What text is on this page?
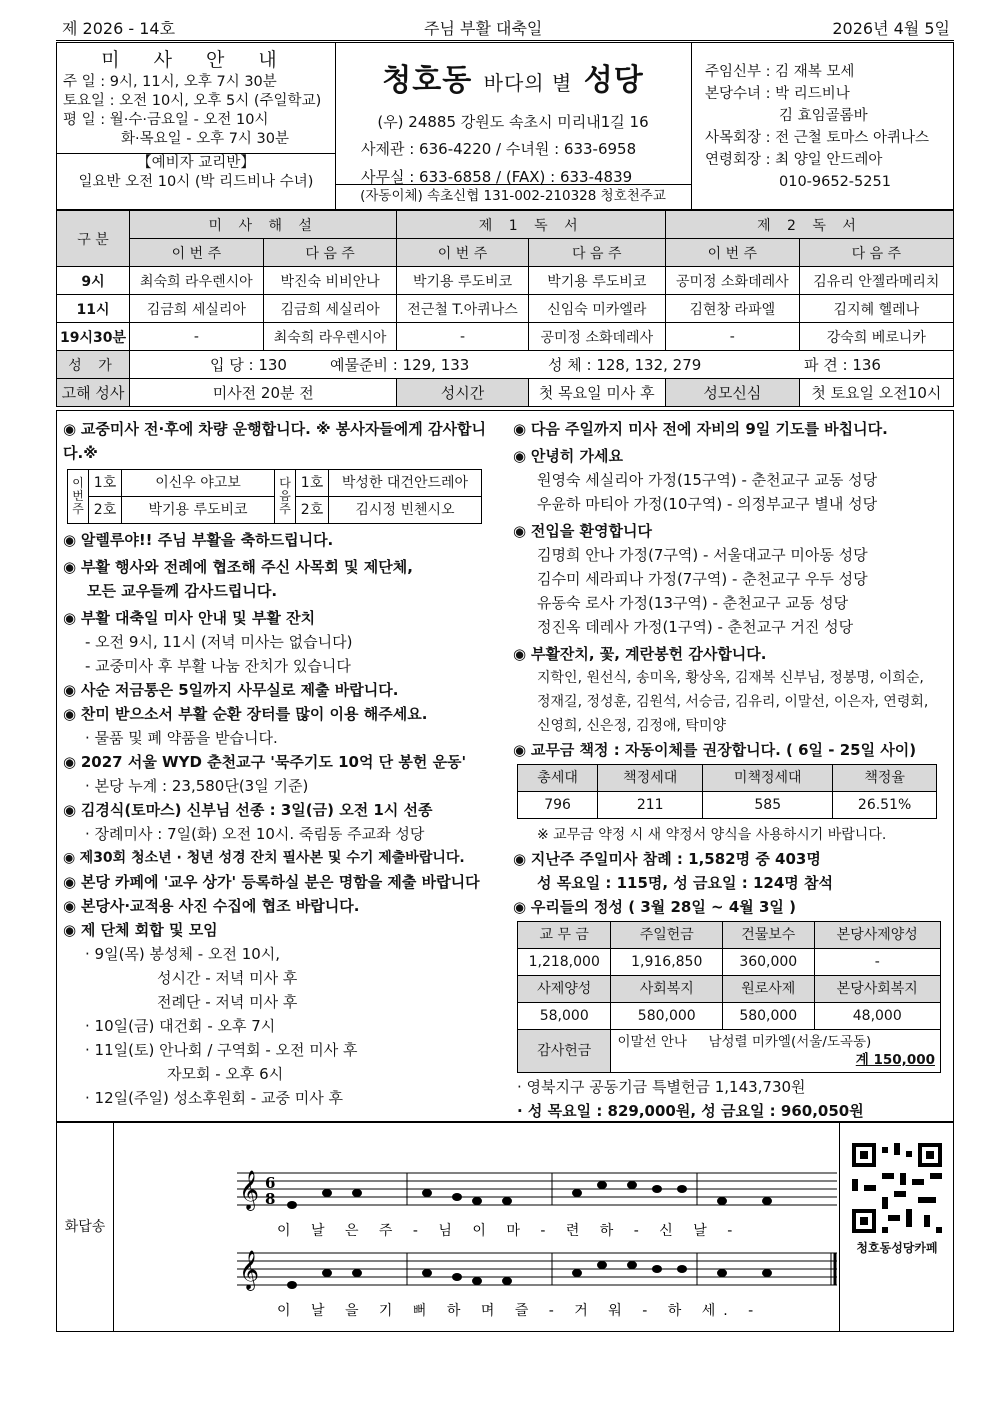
제 2026 - 14호	주님 부활 대축일	2026년 4월 5일
미 사 안 내
주 일 : 9시, 11시, 오후 7시 30분
토요일 : 오전 10시, 오후 5시 (주일학교)
평 일 : 월·수·금요일 - 오전 10시
화·목요일 - 오후 7시 30분
【예비자 교리반】
일요반 오전 10시 (박 리드비나 수녀)
청호동 바다의 별 성당
(우) 24885 강원도 속초시 미리내1길 16
사제관 : 636-4220 / 수녀원 : 633-6958
사무실 : 633-6858 / (FAX) : 633-4839
(자동이체) 속초신협 131-002-210328 청호천주교
주임신부 : 김 재복 모세
본당수녀 : 박 리드비나
김 효임골롬바
사목회장 : 전 근철 토마스 아퀴나스
연령회장 : 최 양일 안드레아
010-9652-5251
구 분	미 사 해 설		제 1 독 서		제 2 독 서	
	이 번 주	다 음 주	이 번 주	다 음 주	이 번 주	다 음 주
9시	최숙희 라우렌시아	박진숙 비비안나	박기용 루도비코	박기용 루도비코	공미정 소화데레사	김유리 안젤라메리치
11시	김금희 세실리아	김금희 세실리아	전근철 T.아퀴나스	신임숙 미카엘라	김현창 라파엘	김지혜 헬레나
19시30분	-	최숙희 라우렌시아	-	공미정 소화데레사	-	강숙희 베로니카
성 가	입 당 : 130 예물준비 : 129, 133 성 체 : 128, 132, 279 파 견 : 136					
고해 성사	미사전 20분 전		성시간	첫 목요일 미사 후	성모신심	첫 토요일 오전10시
◉ 교중미사 전·후에 차량 운행합니다. ※ 봉사자들에게 감사합니다.※
이번주	1호	이신우 야고보	다음주	1호	박성한 대건안드레아
	2호	박기용 루도비코		2호	김시정 빈첸시오
◉ 알렐루야!! 주님 부활을 축하드립니다.
◉ 부활 행사와 전례에 협조해 주신 사목회 및 제단체,
모든 교우들께 감사드립니다.
◉ 부활 대축일 미사 안내 및 부활 잔치
- 오전 9시, 11시 (저녁 미사는 없습니다)
- 교중미사 후 부활 나눔 잔치가 있습니다
◉ 사순 저금통은 5일까지 사무실로 제출 바랍니다.
◉ 찬미 받으소서 부활 순환 장터를 많이 이용 해주세요.
· 물품 및 폐 약품을 받습니다.
◉ 2027 서울 WYD 춘천교구 '묵주기도 10억 단 봉헌 운동'
· 본당 누계 : 23,580단(3일 기준)
◉ 김경식(토마스) 신부님 선종 : 3일(금) 오전 1시 선종
· 장례미사 : 7일(화) 오전 10시. 죽림동 주교좌 성당
◉ 제30회 청소년 · 청년 성경 잔치 필사본 및 수기 제출바랍니다.
◉ 본당 카페에 '교우 상가' 등록하실 분은 명함을 제출 바랍니다
◉ 본당사·교적용 사진 수집에 협조 바랍니다.
◉ 제 단체 회합 및 모임
· 9일(목) 봉성체 - 오전 10시,
성시간 - 저녁 미사 후
전례단 - 저녁 미사 후
· 10일(금) 대건회 - 오후 7시
· 11일(토) 안나회 / 구역회 - 오전 미사 후
자모회 - 오후 6시
· 12일(주일) 성소후원회 - 교중 미사 후
◉ 다음 주일까지 미사 전에 자비의 9일 기도를 바칩니다.
◉ 안녕히 가세요
원영숙 세실리아 가정(15구역) - 춘천교구 교동 성당
우윤하 마티아 가정(10구역) - 의정부교구 별내 성당
◉ 전입을 환영합니다
김명희 안나 가정(7구역) - 서울대교구 미아동 성당
김수미 세라피나 가정(7구역) - 춘천교구 우두 성당
유동숙 로사 가정(13구역) - 춘천교구 교동 성당
정진옥 데레사 가정(1구역) - 춘천교구 거진 성당
◉ 부활잔치, 꽃, 계란봉헌 감사합니다.
지학인, 원선식, 송미옥, 황상옥, 김재복 신부님, 정봉명, 이희순,
정재길, 정성훈, 김원석, 서승금, 김유리, 이말선, 이은자, 연령회,
신영희, 신은정, 김정애, 탁미양
◉ 교무금 책정 : 자동이체를 권장합니다. ( 6일 - 25일 사이)
총세대	책정세대	미책정세대	책정율
796	211	585	26.51%
※ 교무금 약정 시 새 약정서 양식을 사용하시기 바랍니다.
◉ 지난주 주일미사 참례 : 1,582명 중 403명
성 목요일 : 115명, 성 금요일 : 124명 참석
◉ 우리들의 정성 ( 3월 28일 ~ 4월 3일 )
교 무 금	주일헌금	건물보수	본당사제양성
1,218,000	1,916,850	360,000	-
사제양성	사회복지	원로사제	본당사회복지
58,000	580,000	580,000	48,000
감사헌금	이말선 안나 남성렬 미카엘(서울/도곡동)
계 150,000		
· 영북지구 공동기금 특별헌금 1,143,730원
· 성 목요일 : 829,000원, 성 금요일 : 960,050원
화답송
𝄞
𝄞
6
8
이 날 은 주 - 님 이 마 - 련 하 - 신 날 -
이 날 을 기 뻐 하 며 즐 - 거 워 - 하 세. -
청호동성당카페
